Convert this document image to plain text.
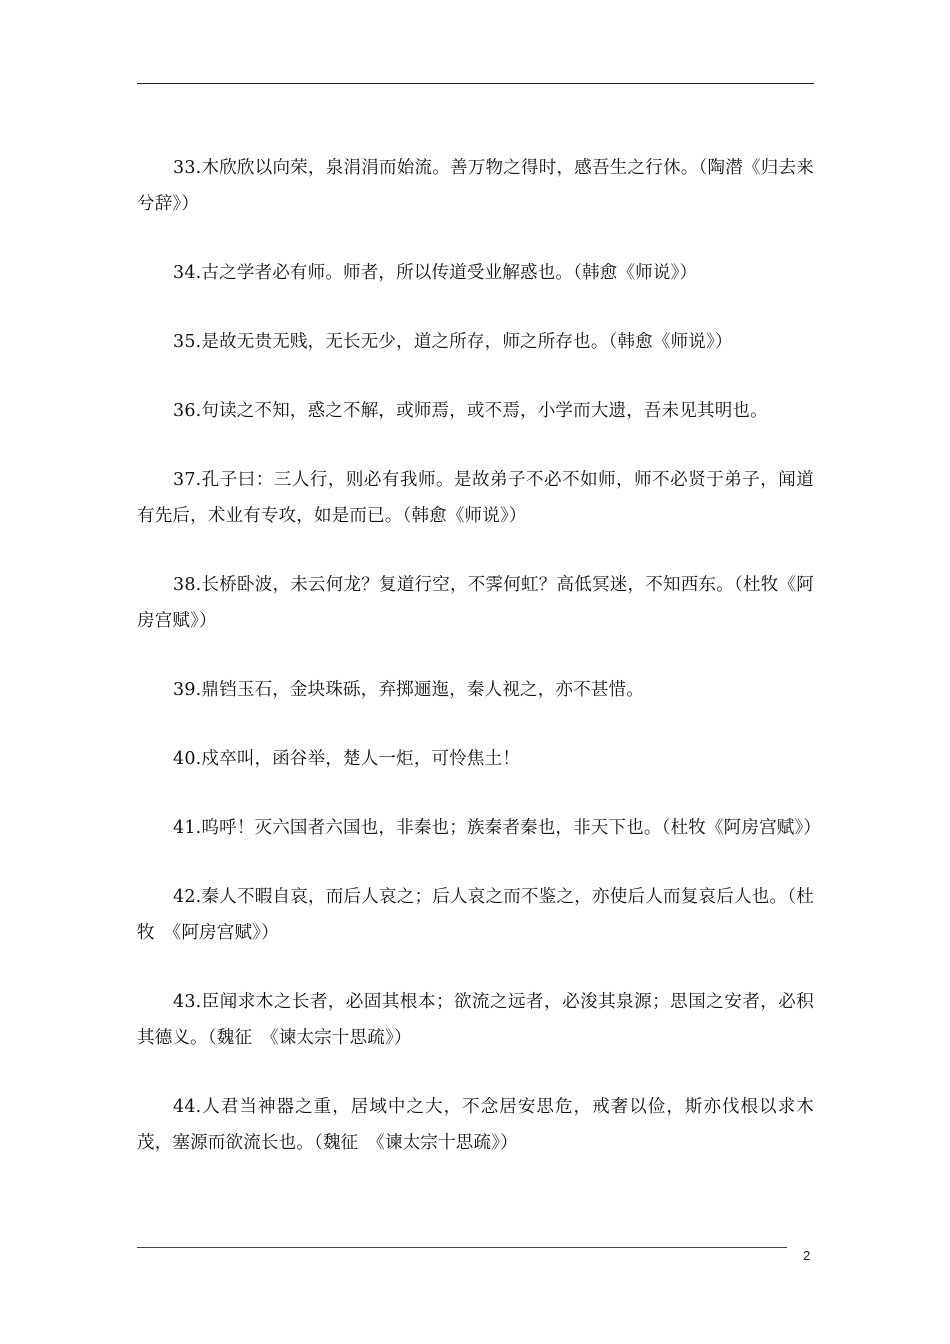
33.木欣欣以向荣，泉涓涓而始流。善万物之得时，感吾生之行休。（陶潜《归去来兮辞》）

34.古之学者必有师。师者，所以传道受业解惑也。（韩愈《师说》）

35.是故无贵无贱，无长无少，道之所存，师之所存也。（韩愈《师说》）

36.句读之不知，惑之不解，或师焉，或不焉，小学而大遗，吾未见其明也。

37.孔子曰：三人行，则必有我师。是故弟子不必不如师，师不必贤于弟子，闻道有先后，术业有专攻，如是而已。（韩愈《师说》）

38.长桥卧波，未云何龙？复道行空，不霁何虹？高低冥迷，不知西东。（杜牧《阿房宫赋》）

39.鼎铛玉石，金块珠砾，弃掷逦迤，秦人视之，亦不甚惜。

40.戍卒叫，函谷举，楚人一炬，可怜焦土！

41.呜呼！灭六国者六国也，非秦也；族秦者秦也，非天下也。（杜牧《阿房宫赋》）

42.秦人不暇自哀，而后人哀之；后人哀之而不鉴之，亦使后人而复哀后人也。（杜牧　《阿房宫赋》）

43.臣闻求木之长者，必固其根本；欲流之远者，必浚其泉源；思国之安者，必积其德义。（魏征　《谏太宗十思疏》）

44.人君当神器之重，居域中之大，不念居安思危，戒奢以俭，斯亦伐根以求木茂，塞源而欲流长也。（魏征　《谏太宗十思疏》）

2
